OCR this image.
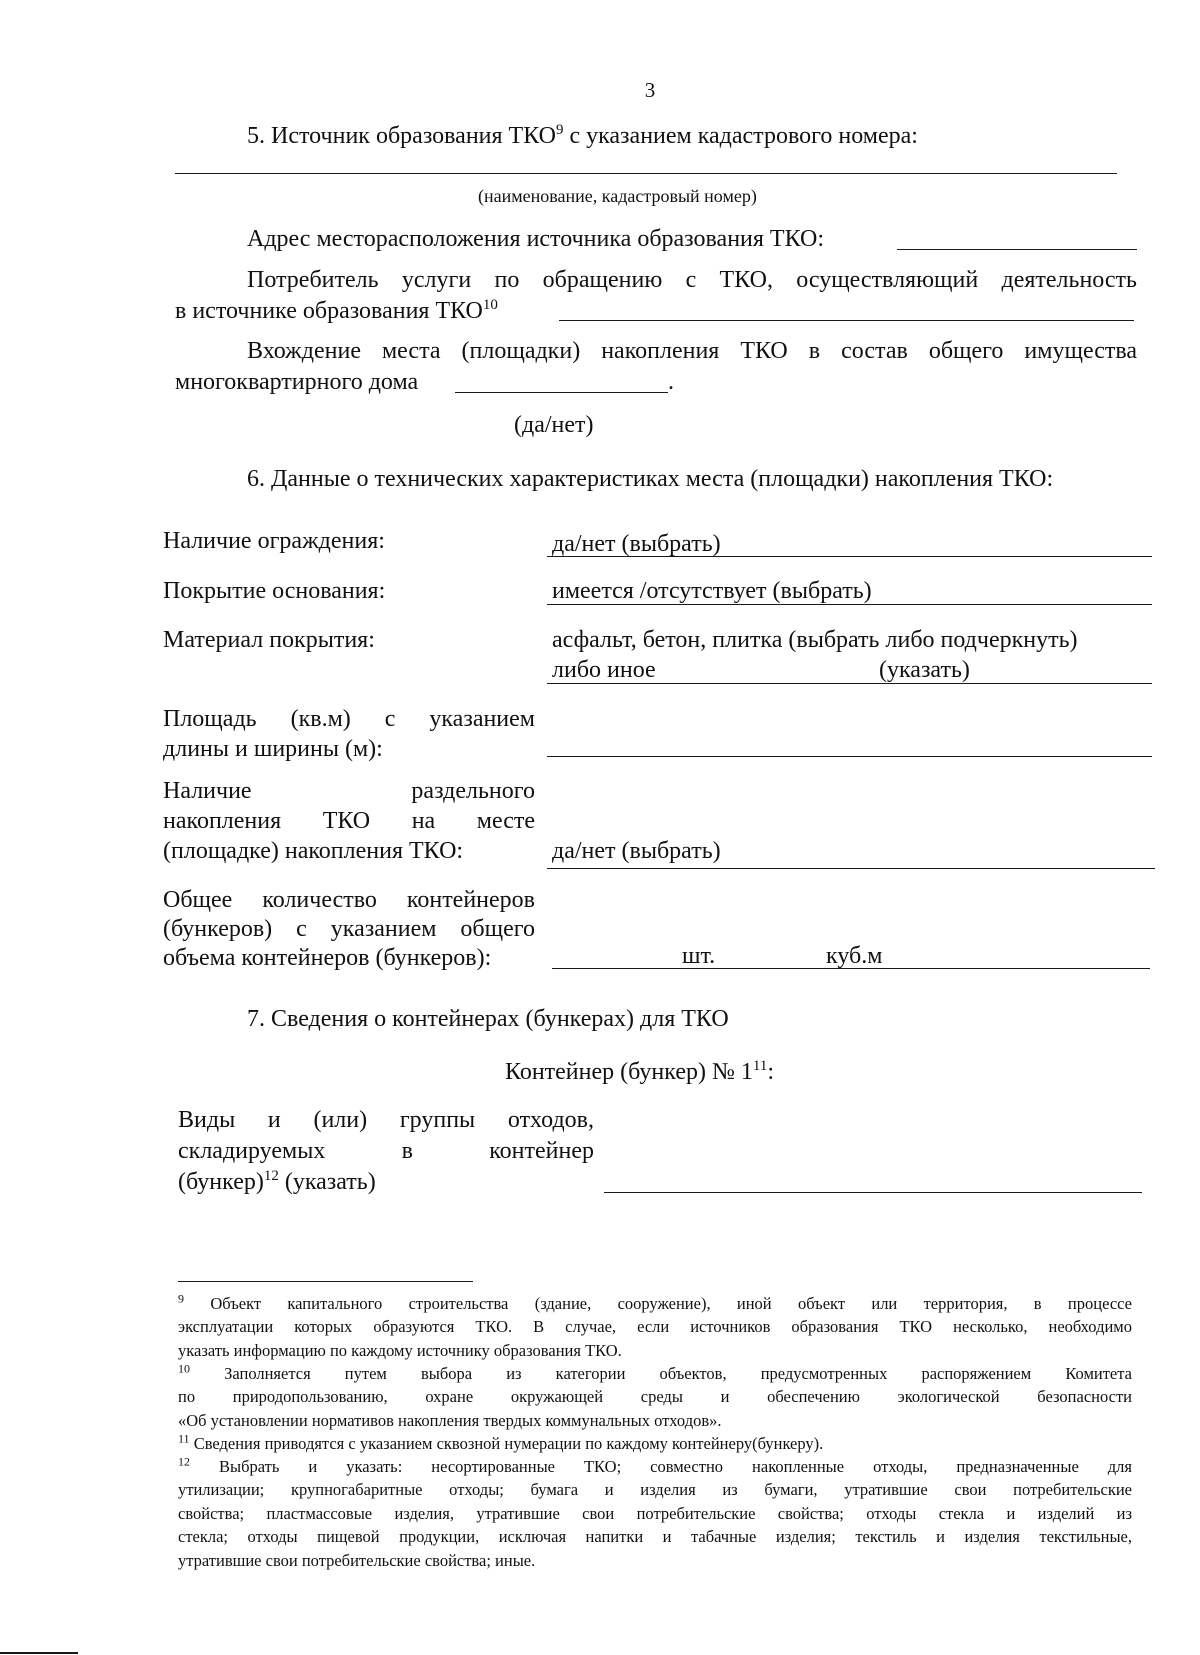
3
5. Источник образования ТКО$^9$ с указанием кадастрового номера:
(наименование, кадастровый номер)
Адрес месторасположения источника образования ТКО:
Потребитель услуги по обращению с ТКО, осуществляющий деятельность
в источнике образования ТКО$^{10}$
Вхождение места (площадки) накопления ТКО в состав общего имущества
многоквартирного дома	.
(да/нет)
6. Данные о технических характеристиках места (площадки) накопления ТКО:
Наличие ограждения:	да/нет (выбрать)
Покрытие основания:	имеется /отсутствует (выбрать)
Материал покрытия:	асфальт, бетон, плитка (выбрать либо подчеркнуть)
либо иное	(указать)
Площадь (кв.м) с указанием
длины и ширины (м):
Наличие раздельного
накопления ТКО на месте
(площадке) накопления ТКО:	да/нет (выбрать)
Общее количество контейнеров
(бункеров) с указанием общего
объема контейнеров (бункеров):	шт.	куб.м
7. Сведения о контейнерах (бункерах) для ТКО
Контейнер (бункер) № $1^{11}$:
Виды и (или) группы отходов,
складируемых в контейнер
(бункер)$^{12}$ (указать)
$^9$ Объект капитального строительства (здание, сооружение), иной объект или территория, в процессе
эксплуатации которых образуются ТКО. В случае, если источников образования ТКО несколько, необходимо
указать информацию по каждому источнику образования ТКО.
$^{10}$ Заполняется путем выбора из категории объектов, предусмотренных распоряжением Комитета
по природопользованию, охране окружающей среды и обеспечению экологической безопасности
«Об установлении нормативов накопления твердых коммунальных отходов».
$^{11}$ Сведения приводятся с указанием сквозной нумерации по каждому контейнеру(бункеру).
$^{12}$ Выбрать и указать: несортированные ТКО; совместно накопленные отходы, предназначенные для
утилизации; крупногабаритные отходы; бумага и изделия из бумаги, утратившие свои потребительские
свойства; пластмассовые изделия, утратившие свои потребительские свойства; отходы стекла и изделий из
стекла; отходы пищевой продукции, исключая напитки и табачные изделия; текстиль и изделия текстильные,
утратившие свои потребительские свойства; иные.
